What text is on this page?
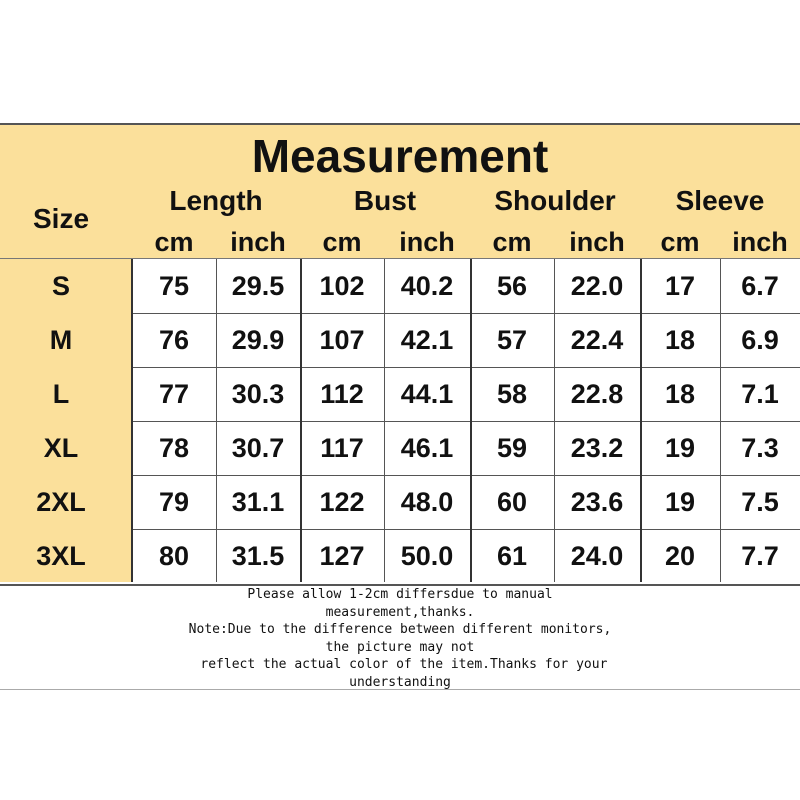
Measurement
Size
Length	Bust	Shoulder	Sleeve
cm	inch	cm	inch	cm	inch	cm	inch
S	75	29.5	102	40.2	56	22.0	17	6.7
M	76	29.9	107	42.1	57	22.4	18	6.9
L	77	30.3	112	44.1	58	22.8	18	7.1
XL	78	30.7	117	46.1	59	23.2	19	7.3
2XL	79	31.1	122	48.0	60	23.6	19	7.5
3XL	80	31.5	127	50.0	61	24.0	20	7.7
Please allow 1-2cm differsdue to manual
measurement,thanks.
Note:Due to the difference between different monitors,
the picture may not
reflect the actual color of the item.Thanks for your
understanding
